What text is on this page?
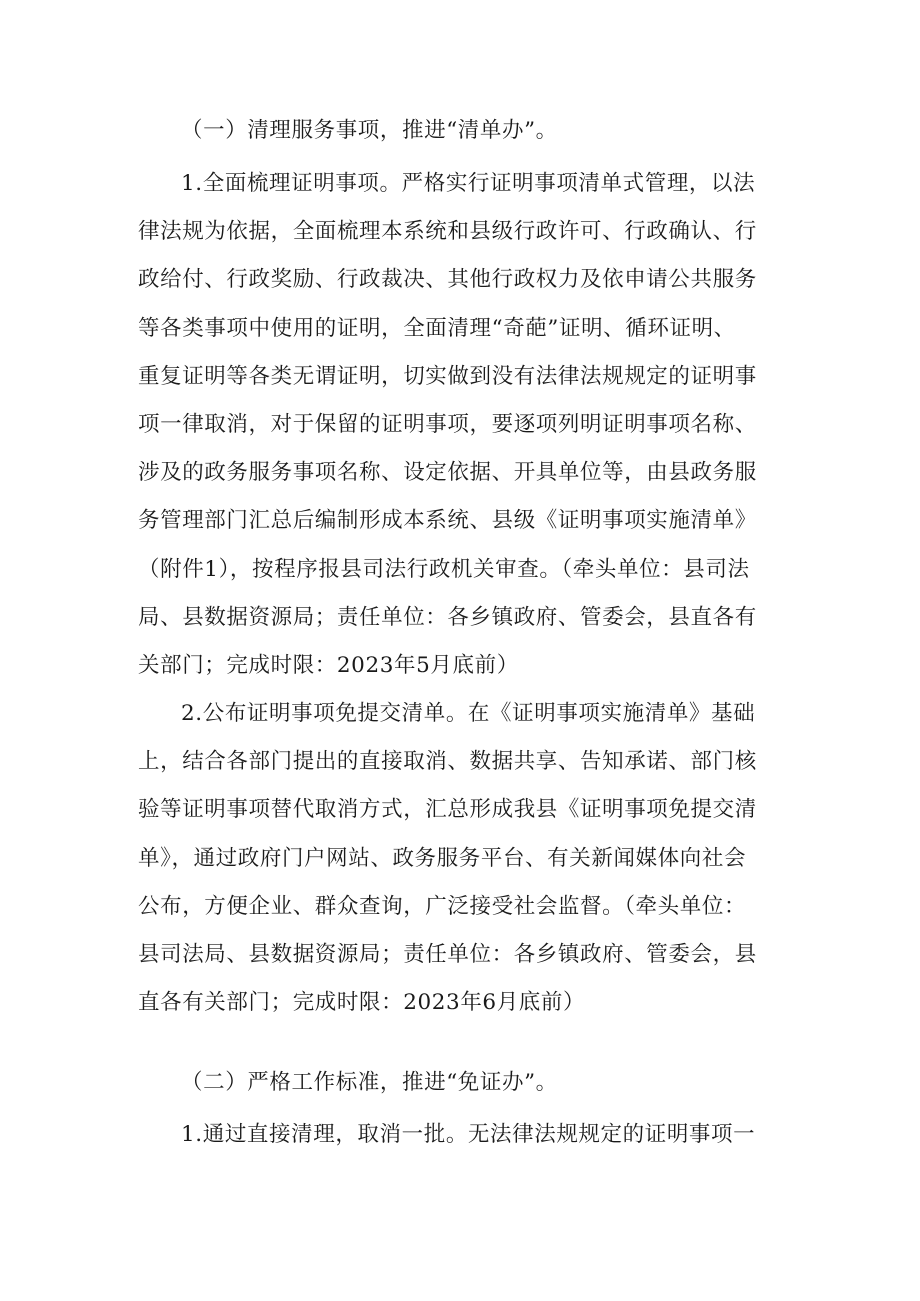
（一）清理服务事项，推进“清单办”。

1.全面梳理证明事项。严格实行证明事项清单式管理，以法
律法规为依据，全面梳理本系统和县级行政许可、行政确认、行
政给付、行政奖励、行政裁决、其他行政权力及依申请公共服务
等各类事项中使用的证明，全面清理“奇葩”证明、循环证明、
重复证明等各类无谓证明，切实做到没有法律法规规定的证明事
项一律取消，对于保留的证明事项，要逐项列明证明事项名称、
涉及的政务服务事项名称、设定依据、开具单位等，由县政务服
务管理部门汇总后编制形成本系统、县级《证明事项实施清单》
（附件1），按程序报县司法行政机关审查。（牵头单位：县司法
局、县数据资源局；责任单位：各乡镇政府、管委会，县直各有
关部门；完成时限：2023年5月底前）
2.公布证明事项免提交清单。在《证明事项实施清单》基础
上，结合各部门提出的直接取消、数据共享、告知承诺、部门核
验等证明事项替代取消方式，汇总形成我县《证明事项免提交清
单》，通过政府门户网站、政务服务平台、有关新闻媒体向社会
公布，方便企业、群众查询，广泛接受社会监督。（牵头单位：
县司法局、县数据资源局；责任单位：各乡镇政府、管委会，县
直各有关部门；完成时限：2023年6月底前）

（二）严格工作标准，推进“免证办”。

1.通过直接清理，取消一批。无法律法规规定的证明事项一
